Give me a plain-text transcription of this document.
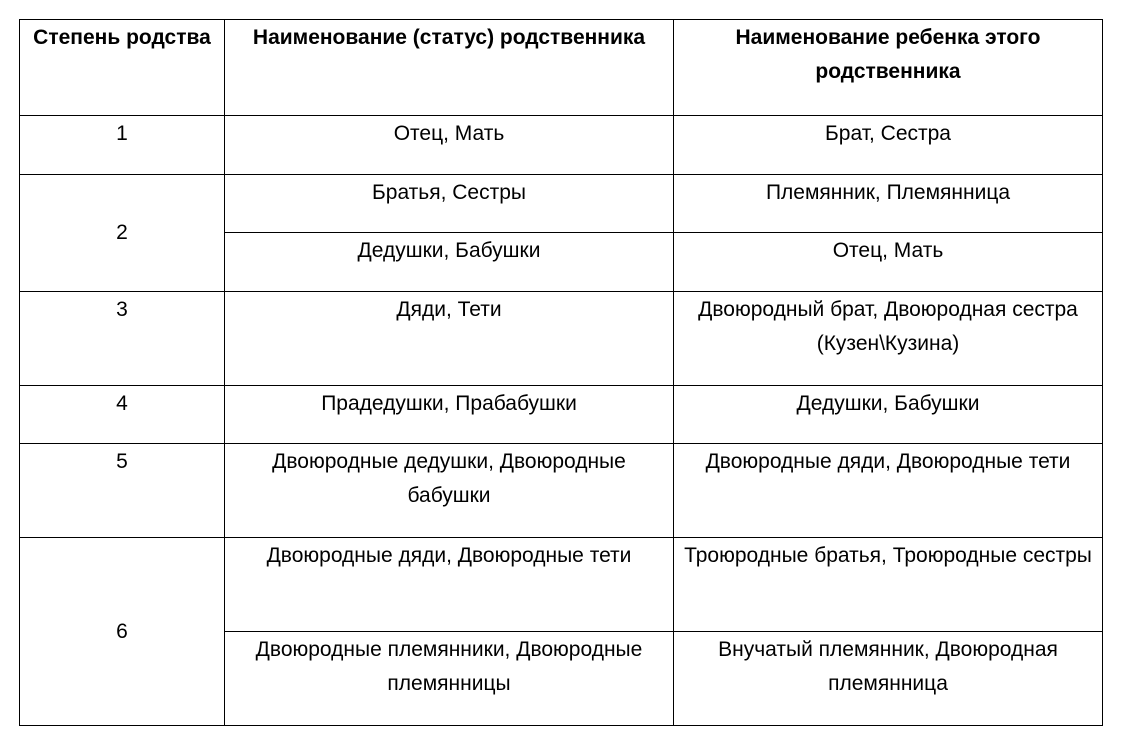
Степень родства	Наименование (статус) родственника	Наименование ребенка этого родственника

1	Отец, Мать	Брат, Сестра

2	Братья, Сестры	Племянник, Племянница

	Дедушки, Бабушки	Отец, Мать

3	Дяди, Тети	Двоюродный брат, Двоюродная сестра (Кузен\Кузина)

4	Прадедушки, Прабабушки	Дедушки, Бабушки

5	Двоюродные дедушки, Двоюродные бабушки	Двоюродные дяди, Двоюродные тети

6	Двоюродные дяди, Двоюродные тети	Троюродные братья, Троюродные сестры

	Двоюродные племянники, Двоюродные племянницы	Внучатый племянник, Двоюродная племянница
